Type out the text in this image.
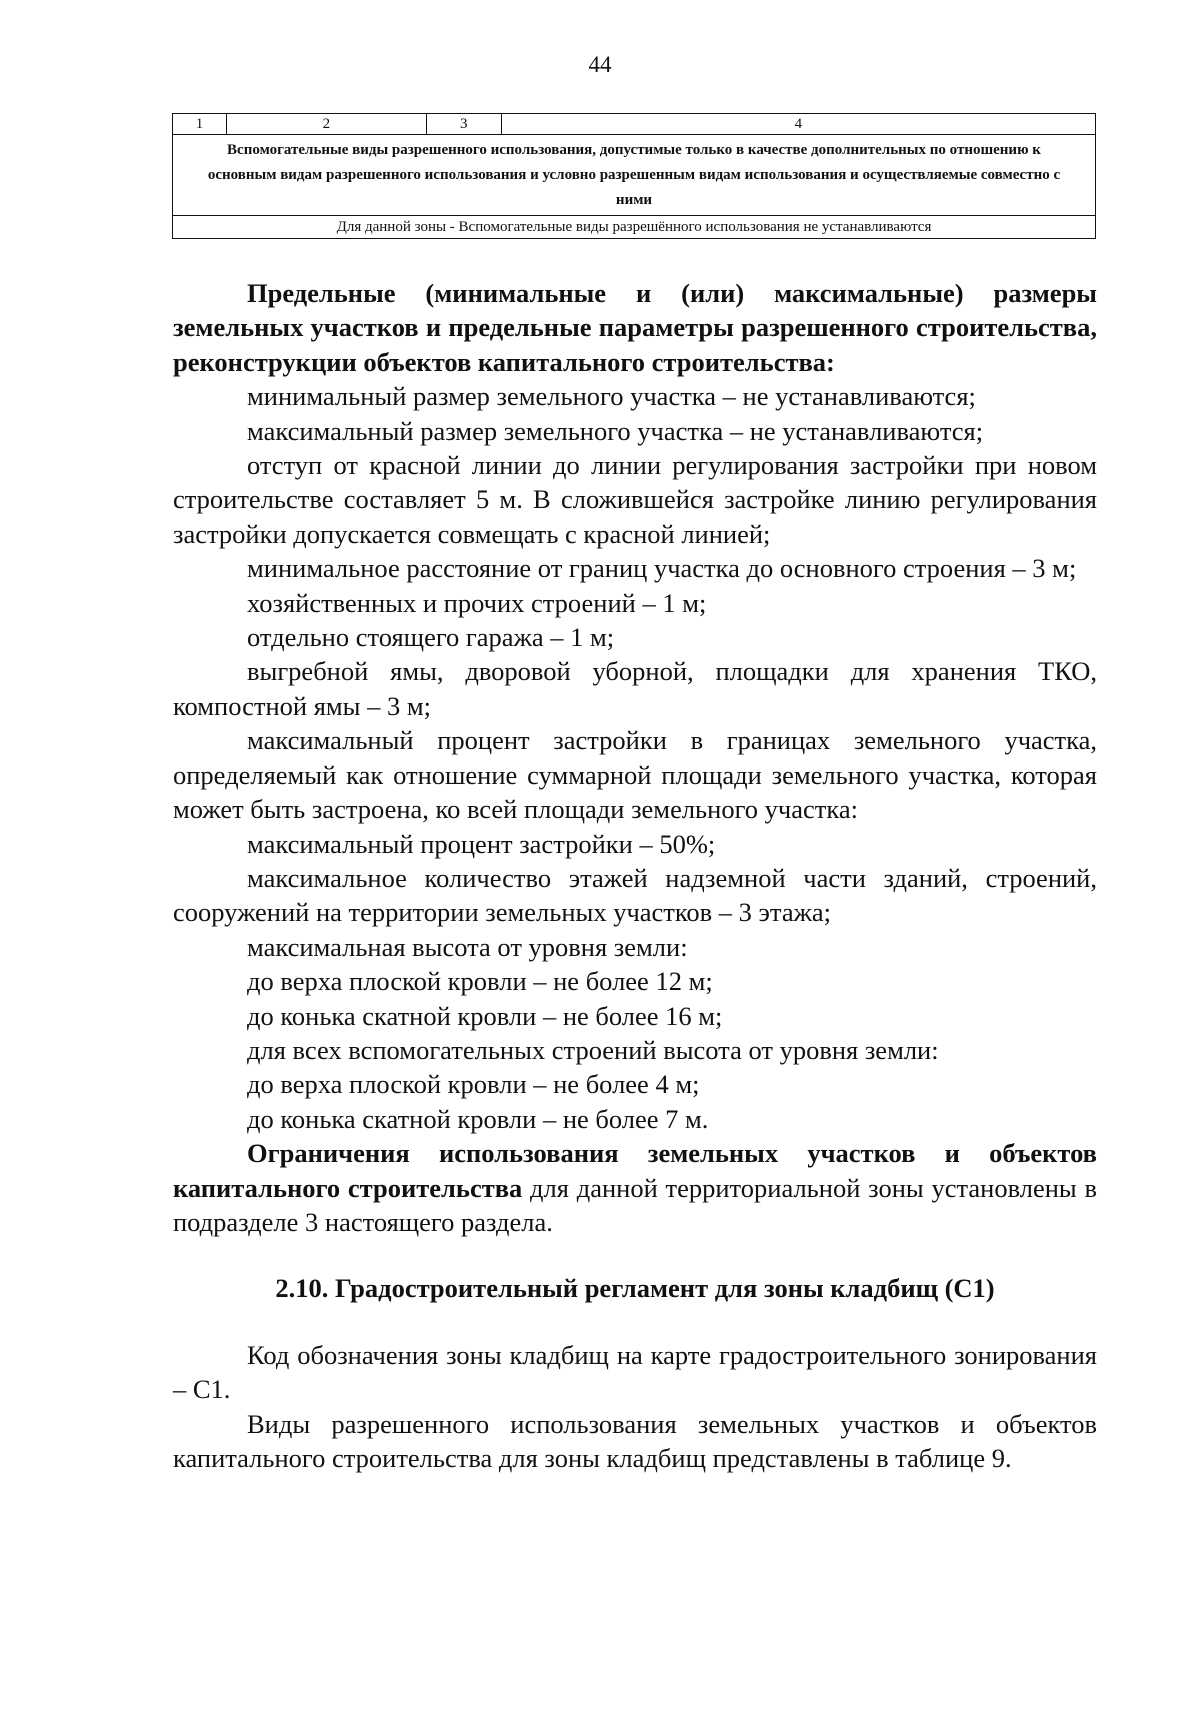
44
1	2	3	4
Вспомогательные виды разрешенного использования, допустимые только в качестве дополнительных по отношению к основным видам разрешенного использования и условно разрешенным видам использования и осуществляемые совместно с ними
Для данной зоны - Вспомогательные виды разрешённого использования не устанавливаются

Предельные (минимальные и (или) максимальные) размеры земельных участков и предельные параметры разрешенного строительства, реконструкции объектов капитального строительства:

минимальный размер земельного участка – не устанавливаются;

максимальный размер земельного участка – не устанавливаются;

отступ от красной линии до линии регулирования застройки при новом строительстве составляет 5 м. В сложившейся застройке линию регулирования застройки допускается совмещать с красной линией;

минимальное расстояние от границ участка до основного строения – 3 м;

хозяйственных и прочих строений – 1 м;

отдельно стоящего гаража – 1 м;

выгребной ямы, дворовой уборной, площадки для хранения ТКО, компостной ямы – 3 м;

максимальный процент застройки в границах земельного участка, определяемый как отношение суммарной площади земельного участка, которая может быть застроена, ко всей площади земельного участка:

максимальный процент застройки – 50%;

максимальное количество этажей надземной части зданий, строений, сооружений на территории земельных участков – 3 этажа;

максимальная высота от уровня земли:

до верха плоской кровли – не более 12 м;

до конька скатной кровли – не более 16 м;

для всех вспомогательных строений высота от уровня земли:

до верха плоской кровли – не более 4 м;

до конька скатной кровли – не более 7 м.

Ограничения использования земельных участков и объектов капитального строительства для данной территориальной зоны установлены в подразделе 3 настоящего раздела.

2.10. Градостроительный регламент для зоны кладбищ (С1)

Код обозначения зоны кладбищ на карте градостроительного зонирования – С1.

Виды разрешенного использования земельных участков и объектов капитального строительства для зоны кладбищ представлены в таблице 9.
